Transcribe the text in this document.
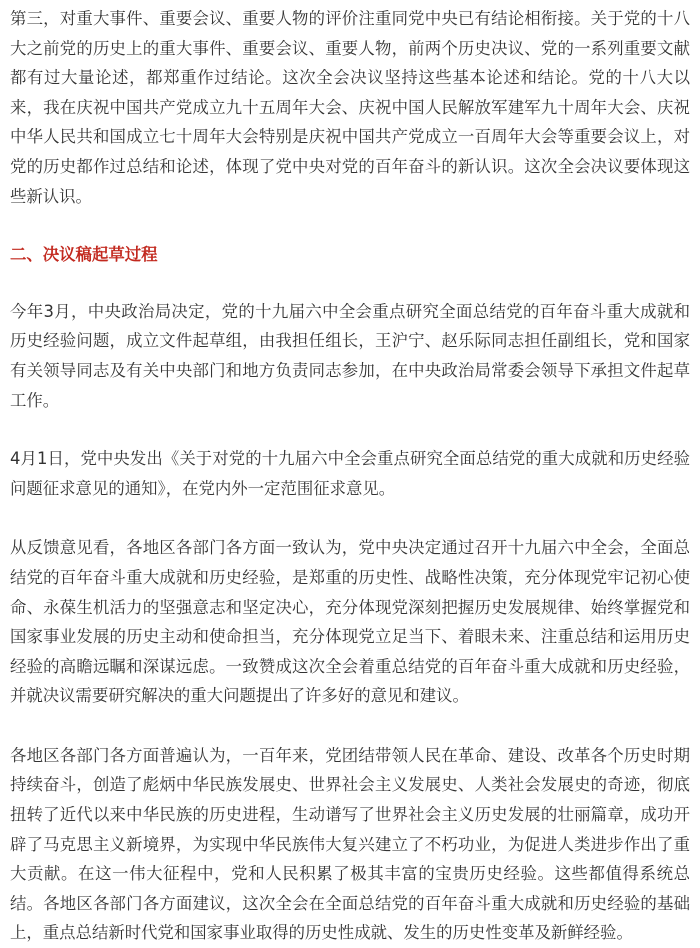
第三，对重大事件、重要会议、重要人物的评价注重同党中央已有结论相衔接。关于党的十八大之前党的历史上的重大事件、重要会议、重要人物，前两个历史决议、党的一系列重要文献都有过大量论述，都郑重作过结论。这次全会决议坚持这些基本论述和结论。党的十八大以来，我在庆祝中国共产党成立九十五周年大会、庆祝中国人民解放军建军九十周年大会、庆祝中华人民共和国成立七十周年大会特别是庆祝中国共产党成立一百周年大会等重要会议上，对党的历史都作过总结和论述，体现了党中央对党的百年奋斗的新认识。这次全会决议要体现这些新认识。

二、决议稿起草过程

今年3月，中央政治局决定，党的十九届六中全会重点研究全面总结党的百年奋斗重大成就和历史经验问题，成立文件起草组，由我担任组长，王沪宁、赵乐际同志担任副组长，党和国家有关领导同志及有关中央部门和地方负责同志参加，在中央政治局常委会领导下承担文件起草工作。

4月1日，党中央发出《关于对党的十九届六中全会重点研究全面总结党的重大成就和历史经验问题征求意见的通知》，在党内外一定范围征求意见。

从反馈意见看，各地区各部门各方面一致认为，党中央决定通过召开十九届六中全会，全面总结党的百年奋斗重大成就和历史经验，是郑重的历史性、战略性决策，充分体现党牢记初心使命、永葆生机活力的坚强意志和坚定决心，充分体现党深刻把握历史发展规律、始终掌握党和国家事业发展的历史主动和使命担当，充分体现党立足当下、着眼未来、注重总结和运用历史经验的高瞻远瞩和深谋远虑。一致赞成这次全会着重总结党的百年奋斗重大成就和历史经验，并就决议需要研究解决的重大问题提出了许多好的意见和建议。

各地区各部门各方面普遍认为，一百年来，党团结带领人民在革命、建设、改革各个历史时期持续奋斗，创造了彪炳中华民族发展史、世界社会主义发展史、人类社会发展史的奇迹，彻底扭转了近代以来中华民族的历史进程，生动谱写了世界社会主义历史发展的壮丽篇章，成功开辟了马克思主义新境界，为实现中华民族伟大复兴建立了不朽功业，为促进人类进步作出了重大贡献。在这一伟大征程中，党和人民积累了极其丰富的宝贵历史经验。这些都值得系统总结。各地区各部门各方面建议，这次全会在全面总结党的百年奋斗重大成就和历史经验的基础上，重点总结新时代党和国家事业取得的历史性成就、发生的历史性变革及新鲜经验。
